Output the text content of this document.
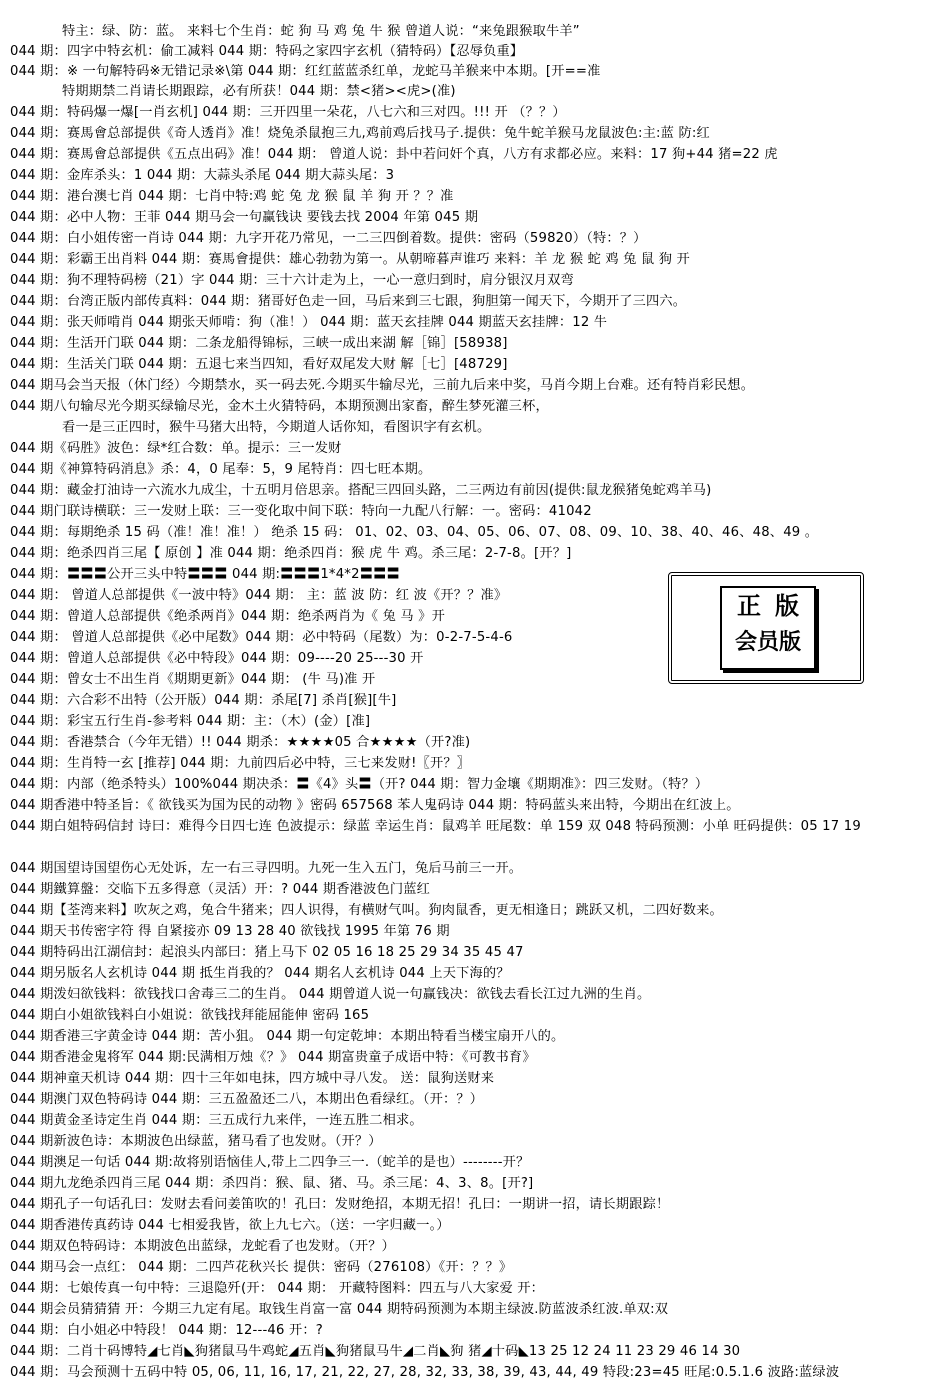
特主：绿、防：蓝。 来料七个生肖：蛇 狗 马 鸡 兔 牛 猴 曾道人说：“来兔跟猴取牛羊”
044 期：四字中特玄机：偷工减料 044 期：特码之家四字玄机（猜特码）【忍辱负重】
044 期：※ 一句解特码※无错记录※\第 044 期：红红蓝蓝杀红单，龙蛇马羊猴来中本期。[开==准
特期期禁二肖请长期跟踪，必有所获！044 期：禁<猪><虎>(准)
044 期：特码爆一爆[一肖玄机] 044 期：三开四里一朵花，八七六和三对四。!!! 开 （？？）
044 期：赛馬會总部提供《奇人透肖》准！烧兔杀鼠抱三九,鸡前鸡后找马子.提供：兔牛蛇羊猴马龙鼠波色:主:蓝 防:红
044 期：赛馬會总部提供《五点出码》准！044 期： 曾道人说：卦中若问奸个真，八方有求都必应。来料：17 狗+44 猪=22 虎
044 期：金库杀头：1 044 期：大蒜头杀尾 044 期大蒜头尾：3
044 期：港台澳七肖 044 期：七肖中特:鸡 蛇 兔 龙 猴 鼠 羊 狗 开 ？？准
044 期：必中人物：王菲 044 期马会一句赢钱诀 要钱去找 2004 年第 045 期
044 期：白小姐传密一肖诗 044 期：九字开花乃常见，一二三四倒着数。提供：密码（59820）（特：？）
044 期：彩霸王出肖料 044 期：赛馬會提供：雄心勃勃为第一。从朝啼暮声谁巧 来料：羊 龙 猴 蛇 鸡 兔 鼠 狗 开
044 期：狗不理特码榜（21）字 044 期：三十六计走为上，一心一意归到时，肩分银汉月双弯
044 期：台湾正版内部传真料：044 期：猪哥好色走一回，马后来到三七跟，狗胆第一闻天下，今期开了三四六。
044 期：张天师啃肖 044 期张天师啃：狗（准！） 044 期：蓝天玄挂牌 044 期蓝天玄挂牌：12 牛
044 期：生活开门联 044 期：二条龙船得锦标，三峡一成出来湖 解［锦］[58938]
044 期：生活关门联 044 期：五退七来当四知，看好双尾发大财 解［七］[48729]
044 期马会当天报（休门经）今期禁水，买一码去死.今期买牛输尽光，三前九后来中奖，马肖今期上台难。还有特肖彩民想。
044 期八句输尽光今期买绿输尽光，金木土火猜特码，本期预测出家畜，醉生梦死灌三杯，
看一是三正四时，猴牛马猪大出特，今期道人话你知，看图识字有玄机。
044 期《码胜》波色：绿*红合数：单。提示：三一发财
044 期《神算特码消息》杀：4，0 尾奉：5，9 尾特肖：四七旺本期。
044 期：藏金打油诗一六流水九成尘，十五明月倍思亲。搭配三四回头路，二三两边有前因(提供:鼠龙猴猪兔蛇鸡羊马)
044 期门联诗横联：三一发财上联：三一变化取中间下联：特向一九配八行解：一。密码：41042
044 期：每期绝杀 15 码（准！准！准！） 绝杀 15 码： 01、02、03、04、05、06、07、08、09、10、38、40、46、48、49 。
044 期：绝杀四肖三尾【 原创 】准 044 期：绝杀四肖：猴 虎 牛 鸡。杀三尾：2-7-8。[开？]
044 期：〓〓〓公开三头中特〓〓〓 044 期:〓〓〓1*4*2〓〓〓
044 期： 曾道人总部提供《一波中特》044 期： 主：蓝 波 防：红 波《开？？准》
044 期：曾道人总部提供《绝杀两肖》044 期：绝杀两肖为《 兔 马 》开
044 期： 曾道人总部提供《必中尾数》044 期：必中特码（尾数）为：0-2-7-5-4-6
044 期：曾道人总部提供《必中特段》044 期：09----20 25---30 开
044 期：曾女士不出生肖《期期更新》044 期： (牛 马)准 开
044 期：六合彩不出特（公开版）044 期：杀尾[7] 杀肖[猴][牛]
044 期：彩宝五行生肖-参考料 044 期：主：（木）(金）[准]
044 期：香港禁合（今年无错）!! 044 期杀：★★★★05 合★★★★（开?准)
044 期：生肖特一玄 [推荐] 044 期：九前四后必中特，三七来发财!〖开？〗
044 期：内部（绝杀特头）100%044 期决杀：〓《4》头〓（开? 044 期：智力金壤《期期准》：四三发财。（特？）
044 期香港中特圣旨：《 欲钱买为国为民的动物 》密码 657568 苯人鬼码诗 044 期：特码蓝头来出特，今期出在红波上。
044 期白姐特码信封 诗曰：难得今日四七连 色波提示：绿蓝 幸运生肖：鼠鸡羊 旺尾数：单 159 双 048 特码预测：小单 旺码提供：05 17 19
044 期国望诗国望伤心无处诉，左一右三寻四明。九死一生入五门，兔后马前三一开。
044 期鐵算盤：交临下五多得意（灵活）开：? 044 期香港波色门蓝红
044 期【荃湾来料】吹灰之鸡，兔合牛猪来；四人识得，有横财气叫。狗肉鼠香，更无相逢日；跳跃又机，二四好数来。
044 期天书传密字符 得 自紧接亦 09 13 28 40 欲钱找 1995 年第 76 期
044 期特码出江湖信封：起浪头内部曰：猪上马下 02 05 16 18 25 29 34 35 45 47
044 期另版名人玄机诗 044 期 抵生肖我的？ 044 期名人玄机诗 044 上天下海的？
044 期泼妇欲钱料：欲钱找口舍毒三二的生肖。 044 期曾道人说一句赢钱决：欲钱去看长江过九洲的生肖。
044 期白小姐欲钱料白小姐说：欲钱找拜能屈能伸 密码 165
044 期香港三字黄金诗 044 期：苦小狙。 044 期一句定乾坤：本期出特看当楼宝扇开八的。
044 期香港金鬼将军 044 期:民满相万烛《？》 044 期富贵童子成语中特：《可教书育》
044 期神童天机诗 044 期：四十三年如电抹，四方城中寻八发。 送：鼠狗送财来
044 期澳门双色特码诗 044 期：三五盈盈还二八，本期出色看绿红。（开：？）
044 期黄金圣诗定生肖 044 期：三五成行九来伴，一连五胜二相求。
044 期新波色诗：本期波色出绿蓝，猪马看了也发财。（开？）
044 期澳足一句话 044 期:故将别语恼佳人,带上二四争三一.（蛇羊的是也）--------开？
044 期九龙绝杀四肖三尾 044 期：杀四肖：猴、鼠、猪、马。杀三尾：4、3、8。[开?]
044 期孔子一句话孔曰：发财去看问姜笛吹的！孔曰：发财绝招，本期无招！孔曰：一期讲一招，请长期跟踪！
044 期香港传真药诗 044 七相爱我皆，欲上九七六。（送：一字归藏一。）
044 期双色特码诗：本期波色出蓝绿，龙蛇看了也发财。（开？）
044 期马会一点红： 044 期：二四芦花秋兴长 提供：密码（276108）《开：？？》
044 期：七娘传真一句中特：三退隐歼(开： 044 期： 开藏特图料：四五与八大家爱 开：
044 期会员猜猜猜 开：今期三九定有尾。取钱生肖富一富 044 期特码预测为本期主绿波.防蓝波杀红波.单双:双
044 期：白小姐必中特段！ 044 期：12---46 开：?
044 期：二肖十码博特◢七肖◣狗猪鼠马牛鸡蛇◢五肖◣狗猪鼠马牛◢二肖◣狗 猪◢十码◣13 25 12 24 11 23 29 46 14 30
044 期：马会预测十五码中特 05, 06, 11, 16, 17, 21, 22, 27, 28, 32, 33, 38, 39, 43, 44, 49 特段:23=45 旺尾:0.5.1.6 波路:蓝绿波
正版
会员版
